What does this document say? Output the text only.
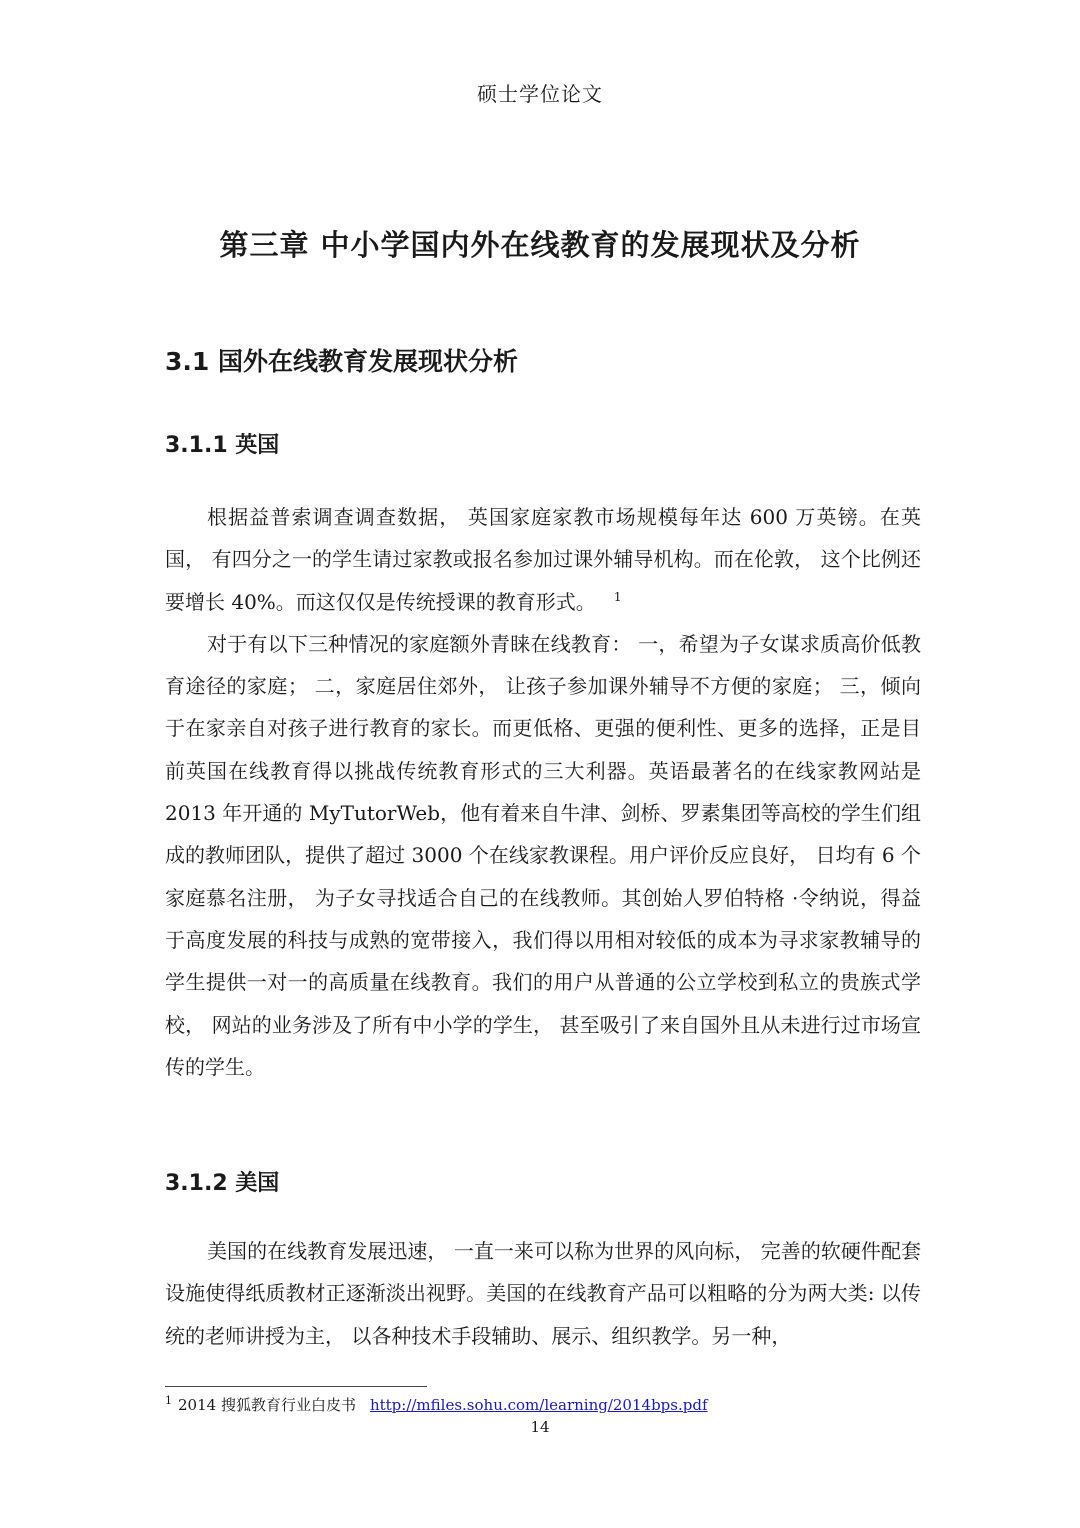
硕士学位论文
第三章 中小学国内外在线教育的发展现状及分析
3.1 国外在线教育发展现状分析
3.1.1 英国

根据益普索调查调查数据， 英国家庭家教市场规模每年达 600 万英镑。在英国， 有四分之一的学生请过家教或报名参加过课外辅导机构。而在伦敦， 这个比例还要增长 40%。而这仅仅是传统授课的教育形式。 $^1$

对于有以下三种情况的家庭额外青睐在线教育： 一，希望为子女谋求质高价低教育途径的家庭； 二，家庭居住郊外， 让孩子参加课外辅导不方便的家庭； 三，倾向于在家亲自对孩子进行教育的家长。而更低格、更强的便利性、更多的选择，正是目前英国在线教育得以挑战传统教育形式的三大利器。英语最著名的在线家教网站是 2013 年开通的 MyTutorWeb，他有着来自牛津、剑桥、罗素集团等高校的学生们组成的教师团队，提供了超过 3000 个在线家教课程。用户评价反应良好， 日均有 6 个家庭慕名注册， 为子女寻找适合自己的在线教师。其创始人罗伯特格 ·令纳说，得益于高度发展的科技与成熟的宽带接入，我们得以用相对较低的成本为寻求家教辅导的学生提供一对一的高质量在线教育。我们的用户从普通的公立学校到私立的贵族式学校， 网站的业务涉及了所有中小学的学生， 甚至吸引了来自国外且从未进行过市场宣传的学生。

3.1.2 美国

美国的在线教育发展迅速， 一直一来可以称为世界的风向标， 完善的软硬件配套设施使得纸质教材正逐渐淡出视野。美国的在线教育产品可以粗略的分为两大类: 以传统的老师讲授为主， 以各种技术手段辅助、展示、组织教学。另一种，

$^1$ 2014 搜狐教育行业白皮书 http://mfiles.sohu.com/learning/2014bps.pdf
14
